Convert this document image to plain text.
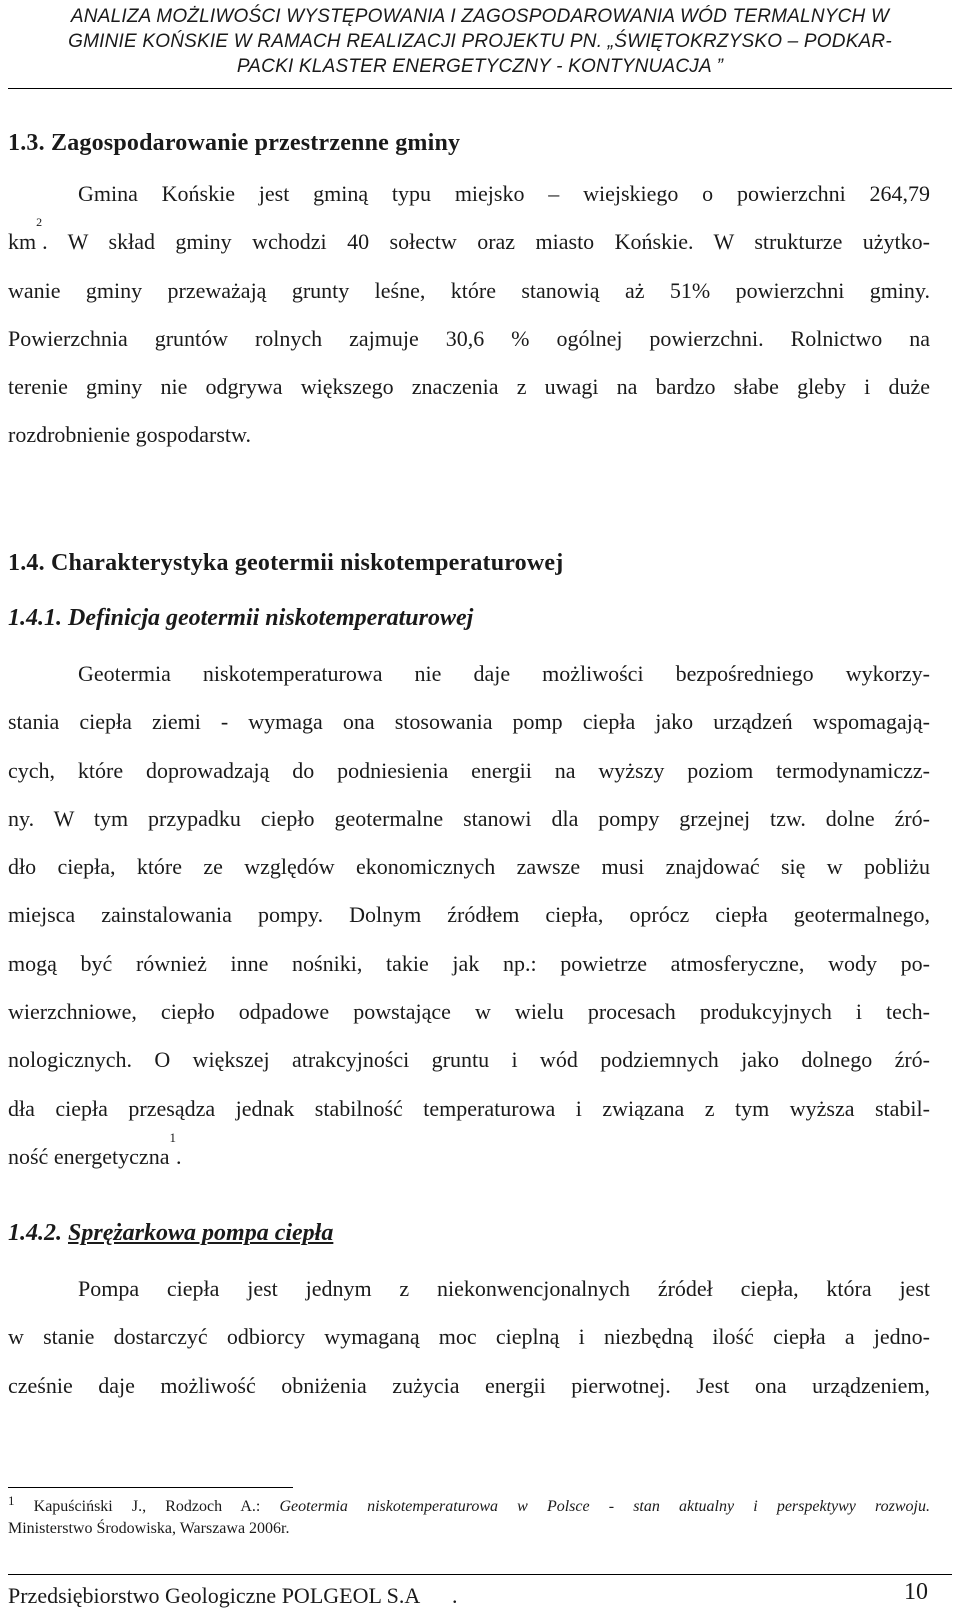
ANALIZA MOŻLIWOŚCI WYSTĘPOWANIA I ZAGOSPODAROWANIA WÓD TERMALNYCH W
GMINIE KOŃSKIE W RAMACH REALIZACJI PROJEKTU PN. „ŚWIĘTOKRZYSKO – PODKAR-
PACKI KLASTER ENERGETYCZNY - KONTYNUACJA ”
1.3. Zagospodarowanie przestrzenne gminy
Gmina Końskie jest gminą typu miejsko – wiejskiego o powierzchni 264,79
$km^2$. W skład gminy wchodzi 40 sołectw oraz miasto Końskie. W strukturze użytko-
wanie gminy przeważają grunty leśne, które stanowią aż 51% powierzchni gminy.
Powierzchnia gruntów rolnych zajmuje 30,6 % ogólnej powierzchni. Rolnictwo na
terenie gminy nie odgrywa większego znaczenia z uwagi na bardzo słabe gleby i duże
rozdrobnienie gospodarstw.
1.4. Charakterystyka geotermii niskotemperaturowej
1.4.1. Definicja geotermii niskotemperaturowej
Geotermia niskotemperaturowa nie daje możliwości bezpośredniego wykorzy-
stania ciepła ziemi - wymaga ona stosowania pomp ciepła jako urządzeń wspomagają-
cych, które doprowadzają do podniesienia energii na wyższy poziom termodynamiczz-
ny. W tym przypadku ciepło geotermalne stanowi dla pompy grzejnej tzw. dolne źró-
dło ciepła, które ze względów ekonomicznych zawsze musi znajdować się w pobliżu
miejsca zainstalowania pompy. Dolnym źródłem ciepła, oprócz ciepła geotermalnego,
mogą być również inne nośniki, takie jak np.: powietrze atmosferyczne, wody po-
wierzchniowe, ciepło odpadowe powstające w wielu procesach produkcyjnych i tech-
nologicznych. O większej atrakcyjności gruntu i wód podziemnych jako dolnego źró-
dła ciepła przesądza jednak stabilność temperaturowa i związana z tym wyższa stabil-
ność energetyczna$^1$.
1.4.2. Sprężarkowa pompa ciepła
Pompa ciepła jest jednym z niekonwencjonalnych źródeł ciepła, która jest
w stanie dostarczyć odbiorcy wymaganą moc cieplną i niezbędną ilość ciepła a jedno-
cześnie daje możliwość obniżenia zużycia energii pierwotnej. Jest ona urządzeniem,
$^1$ Kapuściński J., Rodzoch A.: Geotermia niskotemperaturowa w Polsce - stan aktualny i perspektywy rozwoju.
Ministerstwo Środowiska, Warszawa 2006r.
Przedsiębiorstwo Geologiczne POLGEOL S.A      .	10
